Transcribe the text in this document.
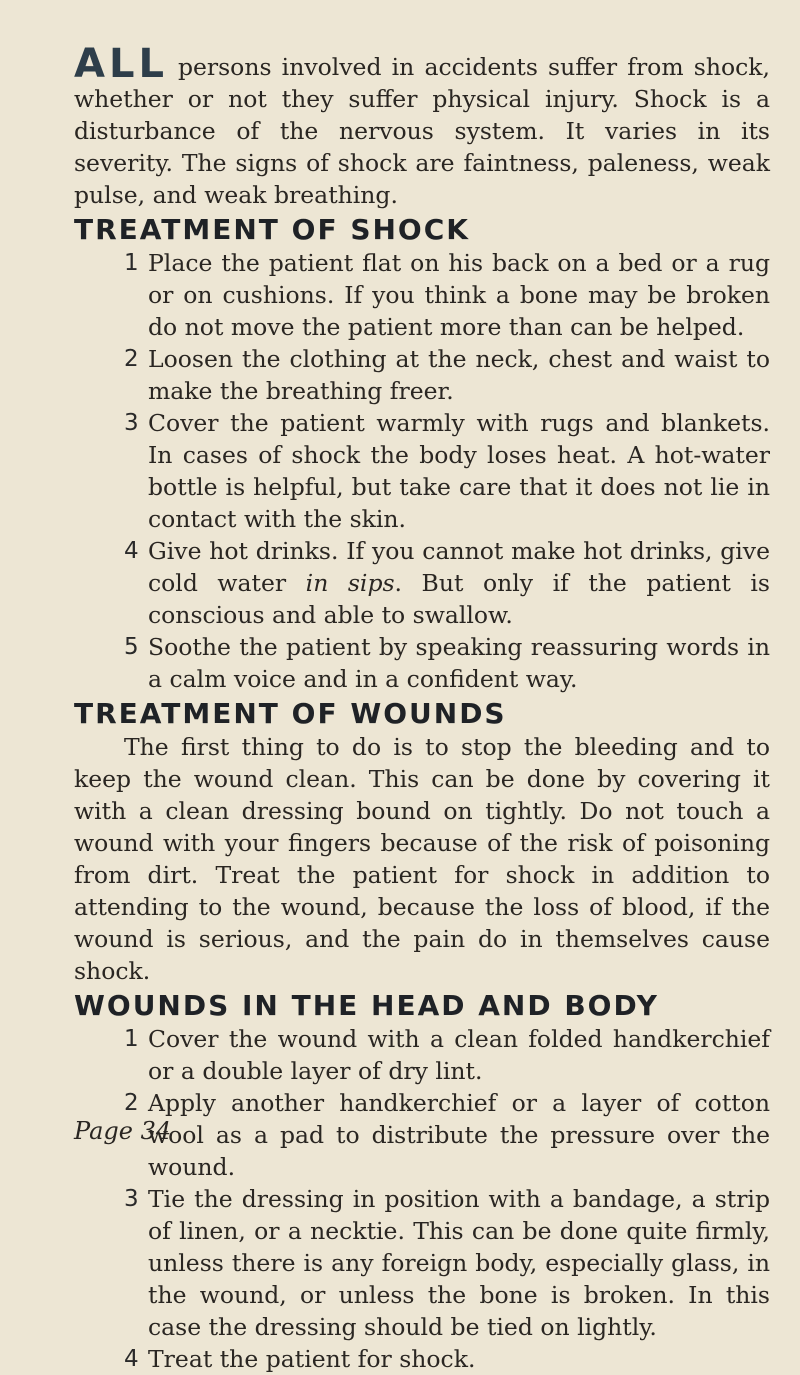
ALL persons involved in accidents suffer from shock, whether or not they suffer physical injury. Shock is a disturbance of the nervous system. It varies in its severity. The signs of shock are faintness, paleness, weak pulse, and weak breathing.

TREATMENT OF SHOCK
1 Place the patient flat on his back on a bed or a rug or on cushions. If you think a bone may be broken do not move the patient more than can be helped.
2 Loosen the clothing at the neck, chest and waist to make the breathing freer.
3 Cover the patient warmly with rugs and blankets. In cases of shock the body loses heat. A hot-water bottle is helpful, but take care that it does not lie in contact with the skin.
4 Give hot drinks. If you cannot make hot drinks, give cold water in sips. But only if the patient is conscious and able to swallow.
5 Soothe the patient by speaking reassuring words in a calm voice and in a confident way.
TREATMENT OF WOUNDS

The first thing to do is to stop the bleeding and to keep the wound clean. This can be done by covering it with a clean dressing bound on tightly. Do not touch a wound with your fingers because of the risk of poisoning from dirt. Treat the patient for shock in addition to attending to the wound, because the loss of blood, if the wound is serious, and the pain do in themselves cause shock.

WOUNDS IN THE HEAD AND BODY
1 Cover the wound with a clean folded handkerchief or a double layer of dry lint.
2 Apply another handkerchief or a layer of cotton wool as a pad to distribute the pressure over the wound.
3 Tie the dressing in position with a bandage, a strip of linen, or a necktie. This can be done quite firmly, unless there is any foreign body, especially glass, in the wound, or unless the bone is broken. In this case the dressing should be tied on lightly.
4 Treat the patient for shock.
Page 34
